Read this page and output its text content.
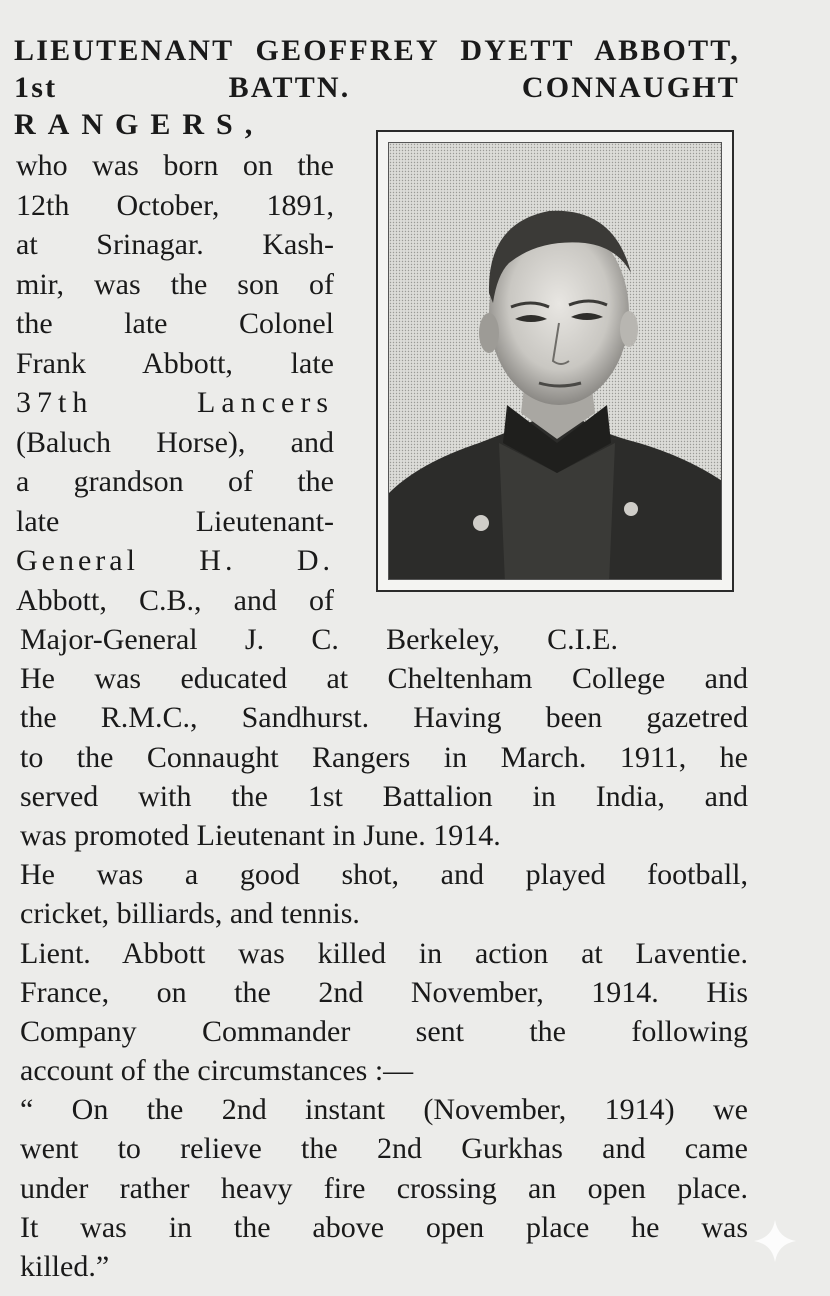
LIEUTENANT GEOFFREY DYETT ABBOTT, 1st BATTN. CONNAUGHT
RANGERS,
who was born on the
12th October, 1891,
at Srinagar. Kash-
mir, was the son of
the late Colonel
Frank Abbott, late
37th Lancers
(Baluch Horse), and
a grandson of the
late Lieutenant-
General H. D.
Abbott, C.B., and of
Major-General J. C. Berkeley, C.I.E.
He was educated at Cheltenham College and
the R.M.C., Sandhurst. Having been gazetred
to the Connaught Rangers in March. 1911, he
served with the 1st Battalion in India, and
was promoted Lieutenant in June. 1914.
He was a good shot, and played football,
cricket, billiards, and tennis.
Lient. Abbott was killed in action at Laventie.
France, on the 2nd November, 1914. His
Company Commander sent the following
account of the circumstances :—
“ On the 2nd instant (November, 1914) we
went to relieve the 2nd Gurkhas and came
under rather heavy fire crossing an open place.
It was in the above open place he was
killed.”
